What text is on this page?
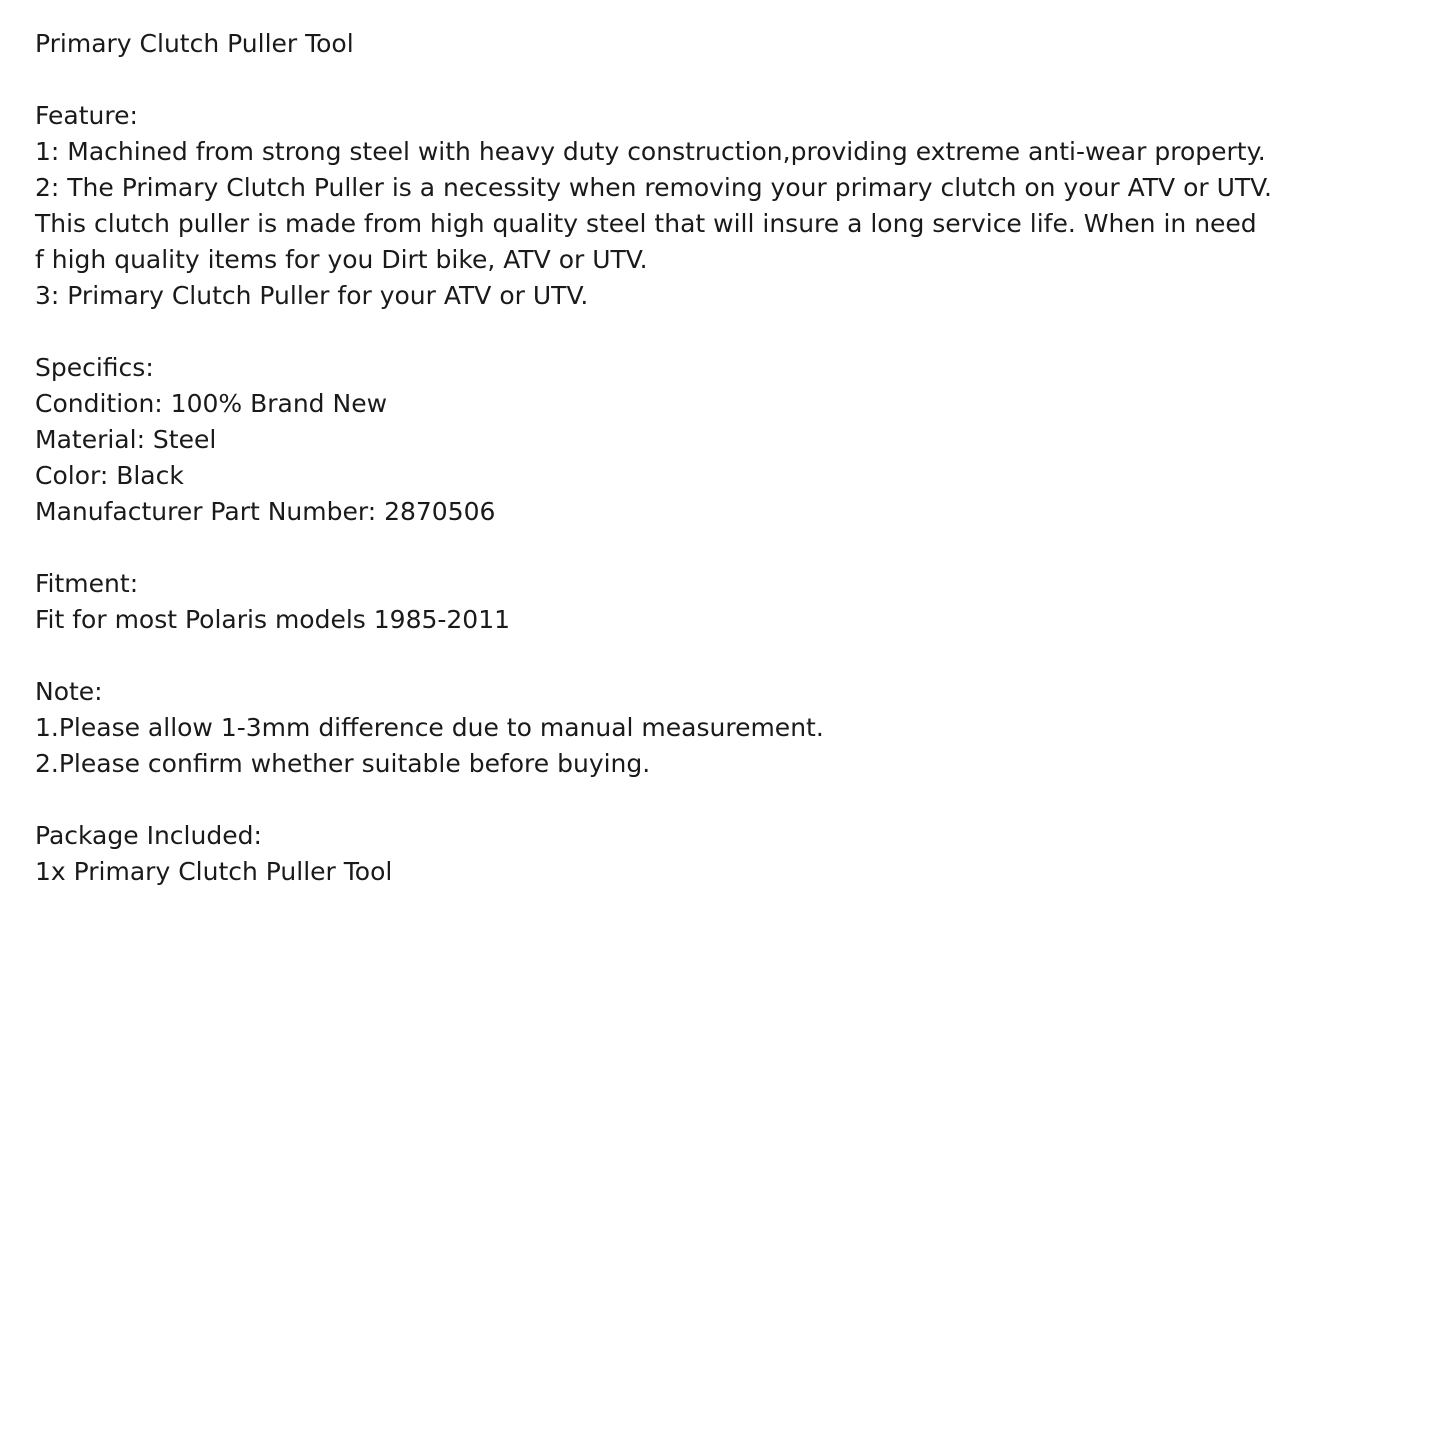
Primary Clutch Puller Tool
Feature:
1: Machined from strong steel with heavy duty construction,providing extreme anti-wear property.
2: The Primary Clutch Puller is a necessity when removing your primary clutch on your ATV or UTV.
This clutch puller is made from high quality steel that will insure a long service life. When in need
f high quality items for you Dirt bike, ATV or UTV.
3: Primary Clutch Puller for your ATV or UTV.
Specifics:
Condition: 100% Brand New
Material: Steel
Color: Black
Manufacturer Part Number: 2870506
Fitment:
Fit for most Polaris models 1985-2011
Note:
1.Please allow 1-3mm difference due to manual measurement.
2.Please confirm whether suitable before buying.
Package Included:
1x Primary Clutch Puller Tool
